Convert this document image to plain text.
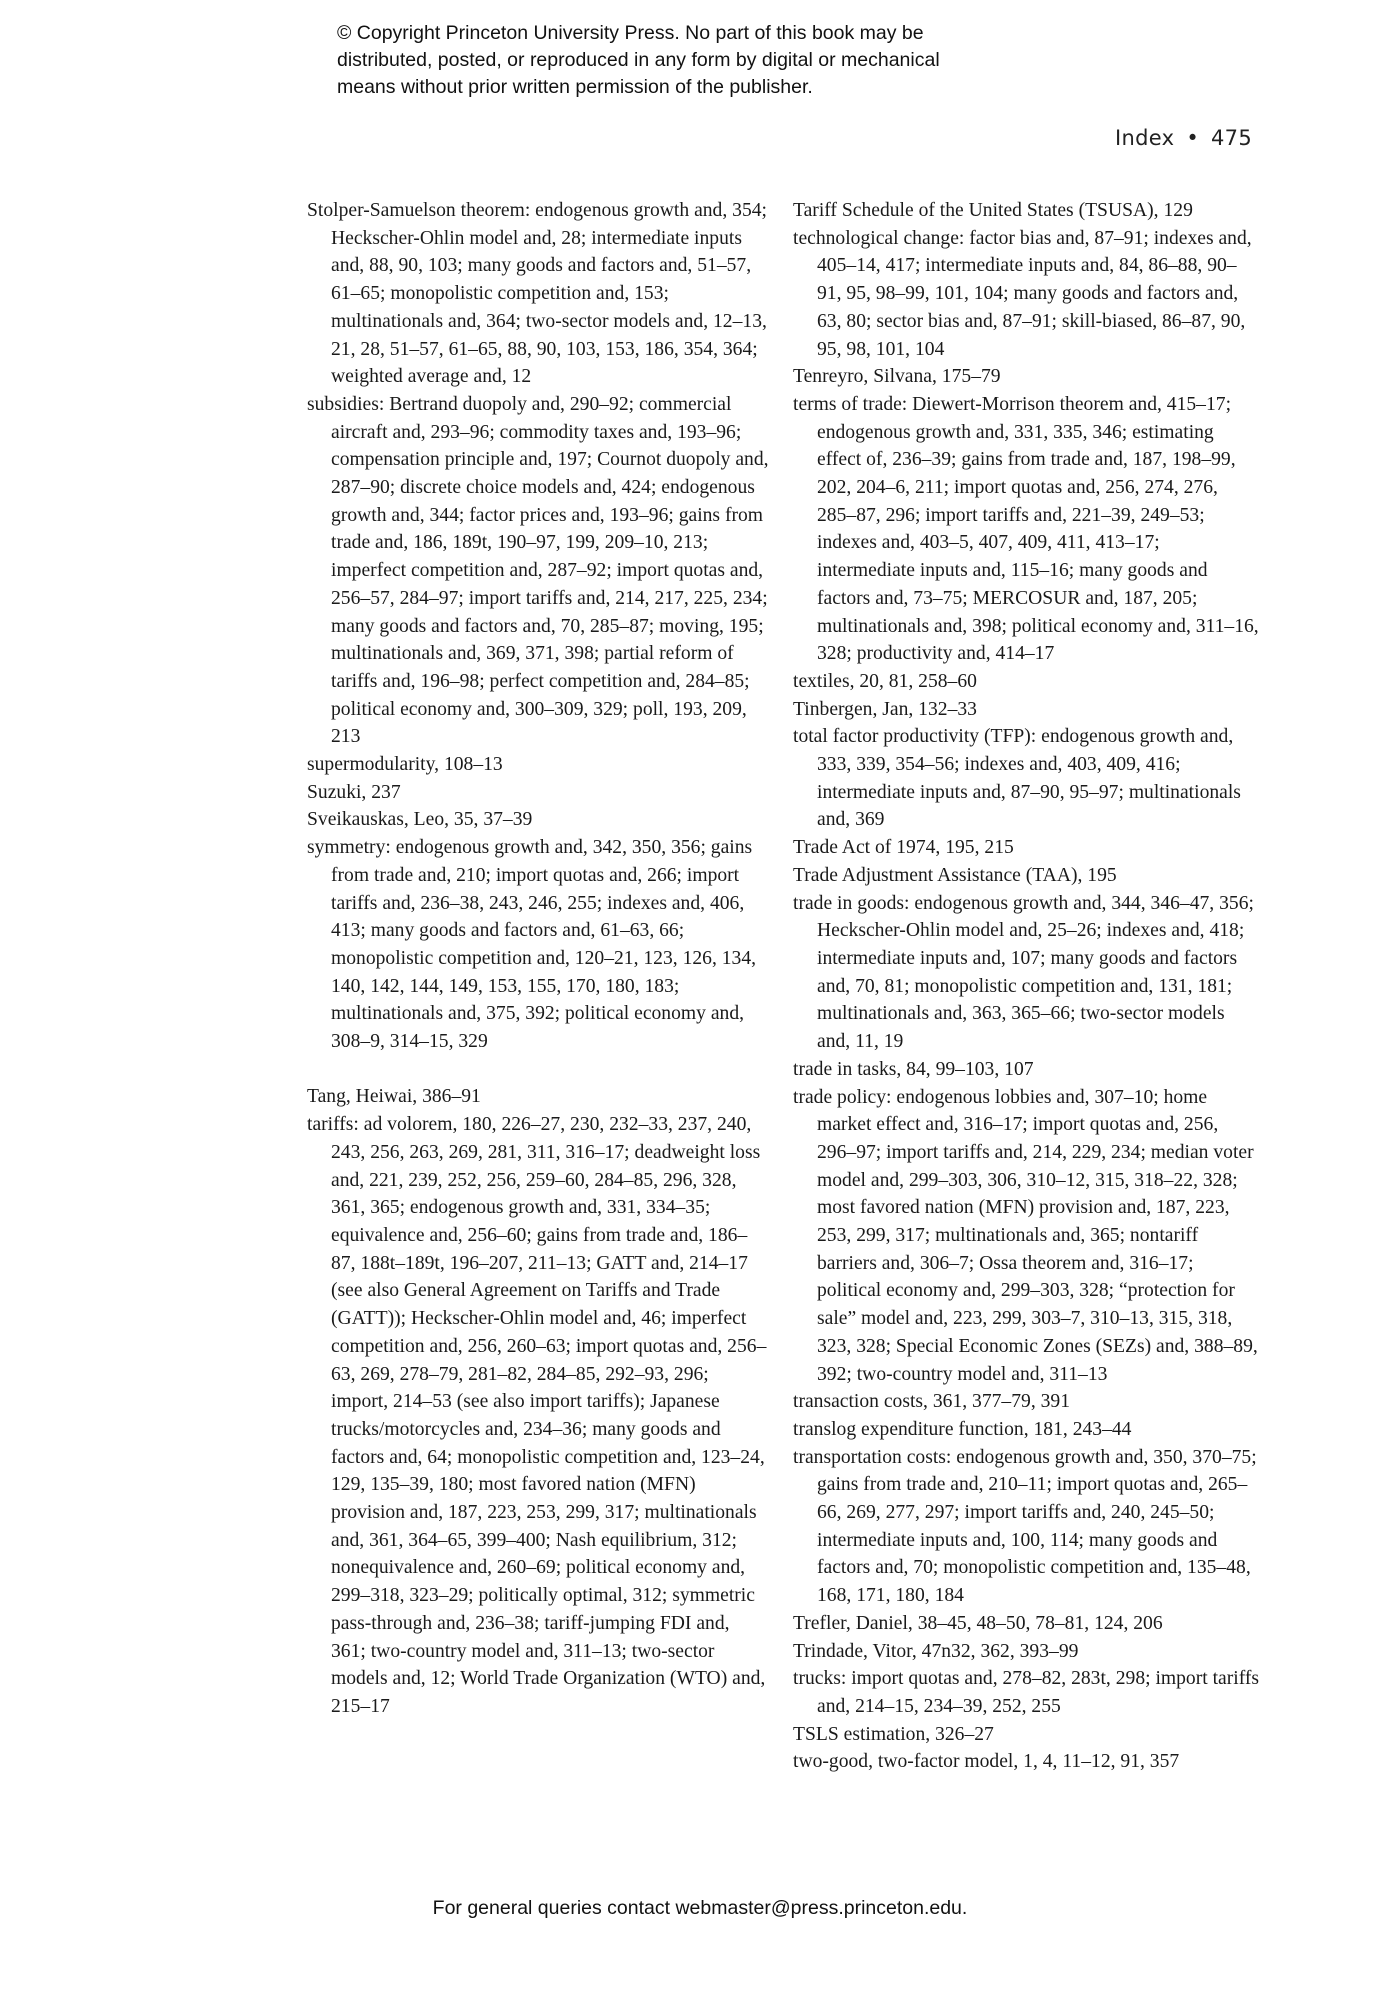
© Copyright Princeton University Press. No part of this book may be
distributed, posted, or reproduced in any form by digital or mechanical
means without prior written permission of the publisher.
Index • 475

Stolper-Samuelson theorem: endogenous growth and, 354; Heckscher-Ohlin model and, 28; intermediate inputs and, 88, 90, 103; many goods and factors and, 51–57, 61–65; monopolistic competition and, 153; multinationals and, 364; two-sector models and, 12–13, 21, 28, 51–57, 61–65, 88, 90, 103, 153, 186, 354, 364; weighted average and, 12

subsidies: Bertrand duopoly and, 290–92; commercial aircraft and, 293–96; commodity taxes and, 193–96; compensation principle and, 197; Cournot duopoly and, 287–90; discrete choice models and, 424; endogenous growth and, 344; factor prices and, 193–96; gains from trade and, 186, 189t, 190–97, 199, 209–10, 213; imperfect competition and, 287–92; import quotas and, 256–57, 284–97; import tariffs and, 214, 217, 225, 234; many goods and factors and, 70, 285–87; moving, 195; multinationals and, 369, 371, 398; partial reform of tariffs and, 196–98; perfect competition and, 284–85; political economy and, 300–309, 329; poll, 193, 209, 213

supermodularity, 108–13

Suzuki, 237

Sveikauskas, Leo, 35, 37–39

symmetry: endogenous growth and, 342, 350, 356; gains from trade and, 210; import quotas and, 266; import tariffs and, 236–38, 243, 246, 255; indexes and, 406, 413; many goods and factors and, 61–63, 66; monopolistic competition and, 120–21, 123, 126, 134, 140, 142, 144, 149, 153, 155, 170, 180, 183; multinationals and, 375, 392; political economy and, 308–9, 314–15, 329

Tang, Heiwai, 386–91

tariffs: ad volorem, 180, 226–27, 230, 232–33, 237, 240, 243, 256, 263, 269, 281, 311, 316–17; deadweight loss and, 221, 239, 252, 256, 259–60, 284–85, 296, 328, 361, 365; endogenous growth and, 331, 334–35; equivalence and, 256–60; gains from trade and, 186–87, 188t–189t, 196–207, 211–13; GATT and, 214–17 (see also General Agreement on Tariffs and Trade (GATT)); Heckscher-Ohlin model and, 46; imperfect competition and, 256, 260–63; import quotas and, 256–63, 269, 278–79, 281–82, 284–85, 292–93, 296; import, 214–53 (see also import tariffs); Japanese trucks/motorcycles and, 234–36; many goods and factors and, 64; monopolistic competition and, 123–24, 129, 135–39, 180; most favored nation (MFN) provision and, 187, 223, 253, 299, 317; multinationals and, 361, 364–65, 399–400; Nash equilibrium, 312; nonequivalence and, 260–69; political economy and, 299–318, 323–29; politically optimal, 312; symmetric pass-through and, 236–38; tariff-jumping FDI and, 361; two-country model and, 311–13; two-sector models and, 12; World Trade Organization (WTO) and, 215–17

Tariff Schedule of the United States (TSUSA), 129

technological change: factor bias and, 87–91; indexes and, 405–14, 417; intermediate inputs and, 84, 86–88, 90–91, 95, 98–99, 101, 104; many goods and factors and, 63, 80; sector bias and, 87–91; skill-biased, 86–87, 90, 95, 98, 101, 104

Tenreyro, Silvana, 175–79

terms of trade: Diewert-Morrison theorem and, 415–17; endogenous growth and, 331, 335, 346; estimating effect of, 236–39; gains from trade and, 187, 198–99, 202, 204–6, 211; import quotas and, 256, 274, 276, 285–87, 296; import tariffs and, 221–39, 249–53; indexes and, 403–5, 407, 409, 411, 413–17; intermediate inputs and, 115–16; many goods and factors and, 73–75; MERCOSUR and, 187, 205; multinationals and, 398; political economy and, 311–16, 328; productivity and, 414–17

textiles, 20, 81, 258–60

Tinbergen, Jan, 132–33

total factor productivity (TFP): endogenous growth and, 333, 339, 354–56; indexes and, 403, 409, 416; intermediate inputs and, 87–90, 95–97; multinationals and, 369

Trade Act of 1974, 195, 215

Trade Adjustment Assistance (TAA), 195

trade in goods: endogenous growth and, 344, 346–47, 356; Heckscher-Ohlin model and, 25–26; indexes and, 418; intermediate inputs and, 107; many goods and factors and, 70, 81; monopolistic competition and, 131, 181; multinationals and, 363, 365–66; two-sector models and, 11, 19

trade in tasks, 84, 99–103, 107

trade policy: endogenous lobbies and, 307–10; home market effect and, 316–17; import quotas and, 256, 296–97; import tariffs and, 214, 229, 234; median voter model and, 299–303, 306, 310–12, 315, 318–22, 328; most favored nation (MFN) provision and, 187, 223, 253, 299, 317; multinationals and, 365; nontariff barriers and, 306–7; Ossa theorem and, 316–17; political economy and, 299–303, 328; “protection for sale” model and, 223, 299, 303–7, 310–13, 315, 318, 323, 328; Special Economic Zones (SEZs) and, 388–89, 392; two-country model and, 311–13

transaction costs, 361, 377–79, 391

translog expenditure function, 181, 243–44

transportation costs: endogenous growth and, 350, 370–75; gains from trade and, 210–11; import quotas and, 265–66, 269, 277, 297; import tariffs and, 240, 245–50; intermediate inputs and, 100, 114; many goods and factors and, 70; monopolistic competition and, 135–48, 168, 171, 180, 184

Trefler, Daniel, 38–45, 48–50, 78–81, 124, 206

Trindade, Vitor, 47n32, 362, 393–99

trucks: import quotas and, 278–82, 283t, 298; import tariffs and, 214–15, 234–39, 252, 255

TSLS estimation, 326–27

two-good, two-factor model, 1, 4, 11–12, 91, 357

For general queries contact webmaster@press.princeton.edu.
